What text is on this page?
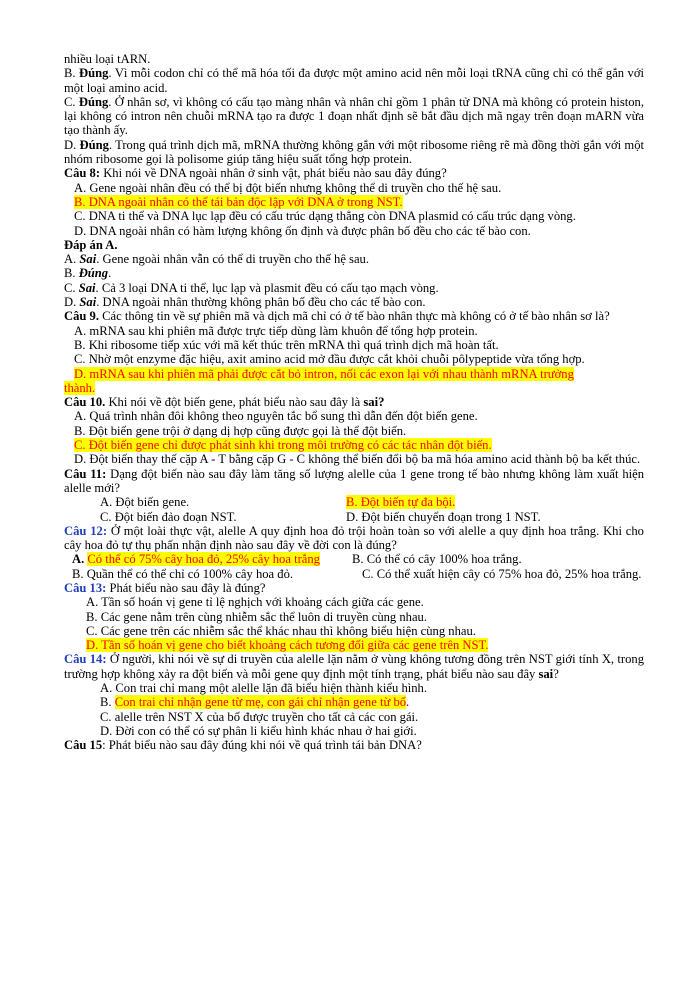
nhiều loại tARN.

B. Đúng. Vì mỗi codon chỉ có thể mã hóa tối đa được một amino acid nên mỗi loại tRNA cũng chỉ có thể gắn với một loại amino acid.

C. Đúng. Ở nhân sơ, vì không có cấu tạo màng nhân và nhân chỉ gồm 1 phân tử DNA mà không có protein histon, lại không có intron nên chuỗi mRNA tạo ra được 1 đoạn nhất định sẽ bắt đầu dịch mã ngay trên đoạn mARN vừa tạo thành ấy.

D. Đúng. Trong quá trình dịch mã, mRNA thường không gắn với một ribosome riêng rẽ mà đồng thời gắn với một nhóm ribosome gọi là polisome giúp tăng hiệu suất tổng hợp protein.

Câu 8: Khi nói về DNA ngoài nhân ở sinh vật, phát biểu nào sau đây đúng?

A. Gene ngoài nhân đều có thể bị đột biến nhưng không thể di truyền cho thế hệ sau.

B. DNA ngoài nhân có thể tái bản độc lập với DNA ở trong NST.

C. DNA ti thể và DNA lục lạp đều có cấu trúc dạng thẳng còn DNA plasmid có cấu trúc dạng vòng.

D. DNA ngoài nhân có hàm lượng không ổn định và được phân bố đều cho các tế bào con.

Đáp án A.

A. Sai. Gene ngoài nhân vẫn có thể di truyền cho thế hệ sau.

B. Đúng.

C. Sai. Cả 3 loại DNA ti thể, lục lạp và plasmit đều có cấu tạo mạch vòng.

D. Sai. DNA ngoài nhân thường không phân bố đều cho các tế bào con.

Câu 9. Các thông tin về sự phiên mã và dịch mã chỉ có ở tế bào nhân thực mà không có ở tế bào nhân sơ là?

A. mRNA sau khi phiên mã được trực tiếp dùng làm khuôn để tổng hợp protein.

B. Khi ribosome tiếp xúc với mã kết thúc trên mRNA thì quá trình dịch mã hoàn tất.

C. Nhờ một enzyme đặc hiệu, axit amino acid mở đầu được cắt khỏi chuỗi pôlypeptide vừa tổng hợp.

D. mRNA sau khi phiên mã phải được cắt bỏ intron, nối các exon lại với nhau thành mRNA trưởng

thành.

Câu 10. Khi nói về đột biến gene, phát biểu nào sau đây là sai?

A. Quá trình nhân đôi không theo nguyên tắc bổ sung thì dẫn đến đột biến gene.

B. Đột biến gene trội ở dạng dị hợp cũng được gọi là thể đột biến.

C. Đột biến gene chỉ được phát sinh khi trong môi trường có các tác nhân đột biến.

D. Đột biến thay thế cặp A - T bằng cặp G - C không thể biến đổi bộ ba mã hóa amino acid thành bộ ba kết thúc.

Câu 11: Dạng đột biến nào sau đây làm tăng số lượng alelle của 1 gene trong tế bào nhưng không làm xuất hiện alelle mới?

A. Đột biến gene.	B. Đột biến tự đa bội.

C. Đột biến đảo đoạn NST.	D. Đột biến chuyển đoạn trong 1 NST.

Câu 12: Ở một loài thực vật, alelle A quy định hoa đỏ trội hoàn toàn so với alelle a quy định hoa trắng. Khi cho cây hoa đỏ tự thụ phấn nhận định nào sau đây về đời con là đúng?

A. Có thể có 75% cây hoa đỏ, 25% cây hoa trắng	B. Có thể có cây 100% hoa trắng.

B. Quần thể có thể chỉ có 100% cây hoa đỏ.	C. Có thể xuất hiện cây có 75% hoa đỏ, 25% hoa trắng.

Câu 13: Phát biểu nào sau đây là đúng?

A. Tần số hoán vị gene tỉ lệ nghịch với khoảng cách giữa các gene.

B. Các gene nằm trên cùng nhiễm sắc thể luôn di truyền cùng nhau.

C. Các gene trên các nhiễm sắc thể khác nhau thì không biểu hiện cùng nhau.

D. Tần số hoán vị gene cho biết khoảng cách tương đối giữa các gene trên NST.

Câu 14: Ở người, khi nói về sự di truyền của alelle lặn nằm ở vùng không tương đồng trên NST giới tính X, trong trường hợp không xảy ra đột biến và mỗi gene quy định một tính trạng, phát biểu nào sau đây sai?

A. Con trai chỉ mang một alelle lặn đã biểu hiện thành kiểu hình.

B. Con trai chỉ nhận gene từ mẹ, con gái chỉ nhận gene từ bố.

C. alelle trên NST X của bố được truyền cho tất cả các con gái.

D. Đời con có thể có sự phân li kiểu hình khác nhau ở hai giới.

Câu 15: Phát biểu nào sau đây đúng khi nói về quá trình tái bản DNA?
